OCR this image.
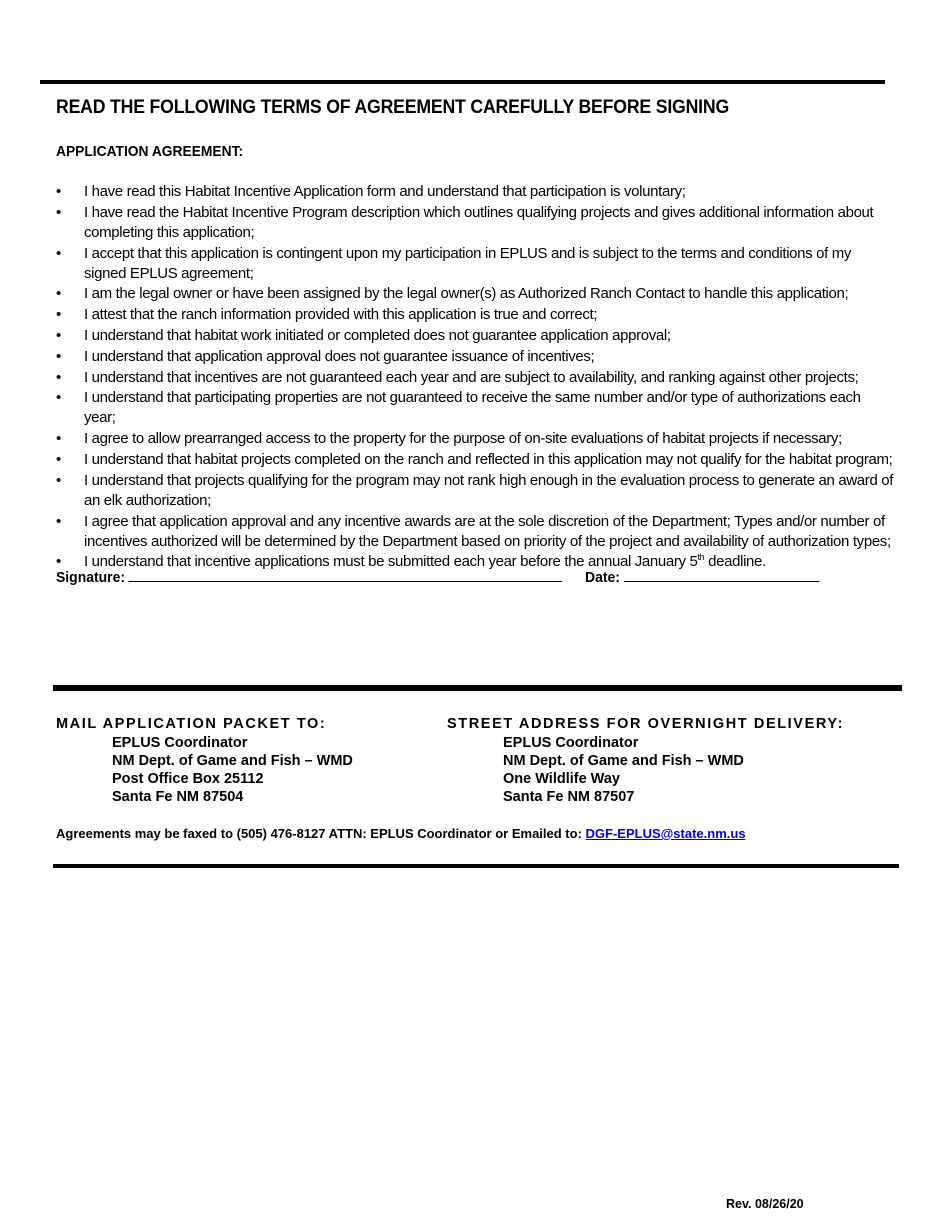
READ THE FOLLOWING TERMS OF AGREEMENT CAREFULLY BEFORE SIGNING
APPLICATION AGREEMENT:
• I have read this Habitat Incentive Application form and understand that participation is voluntary;
• I have read the Habitat Incentive Program description which outlines qualifying projects and gives additional information about completing this application;
• I accept that this application is contingent upon my participation in EPLUS and is subject to the terms and conditions of my signed EPLUS agreement;
• I am the legal owner or have been assigned by the legal owner(s) as Authorized Ranch Contact to handle this application;
• I attest that the ranch information provided with this application is true and correct;
• I understand that habitat work initiated or completed does not guarantee application approval;
• I understand that application approval does not guarantee issuance of incentives;
• I understand that incentives are not guaranteed each year and are subject to availability, and ranking against other projects;
• I understand that participating properties are not guaranteed to receive the same number and/or type of authorizations each year;
• I agree to allow prearranged access to the property for the purpose of on-site evaluations of habitat projects if necessary;
• I understand that habitat projects completed on the ranch and reflected in this application may not qualify for the habitat program;
• I understand that projects qualifying for the program may not rank high enough in the evaluation process to generate an award of an elk authorization;
• I agree that application approval and any incentive awards are at the sole discretion of the Department; Types and/or number of incentives authorized will be determined by the Department based on priority of the project and availability of authorization types;
• I understand that incentive applications must be submitted each year before the annual January 5th deadline.
Signature:	Date:
MAIL APPLICATION PACKET TO:
EPLUS Coordinator
NM Dept. of Game and Fish – WMD
Post Office Box 25112
Santa Fe NM 87504
STREET ADDRESS FOR OVERNIGHT DELIVERY:
EPLUS Coordinator
NM Dept. of Game and Fish – WMD
One Wildlife Way
Santa Fe NM 87507
Agreements may be faxed to (505) 476-8127 ATTN: EPLUS Coordinator or Emailed to: DGF-EPLUS@state.nm.us
Rev. 08/26/20
